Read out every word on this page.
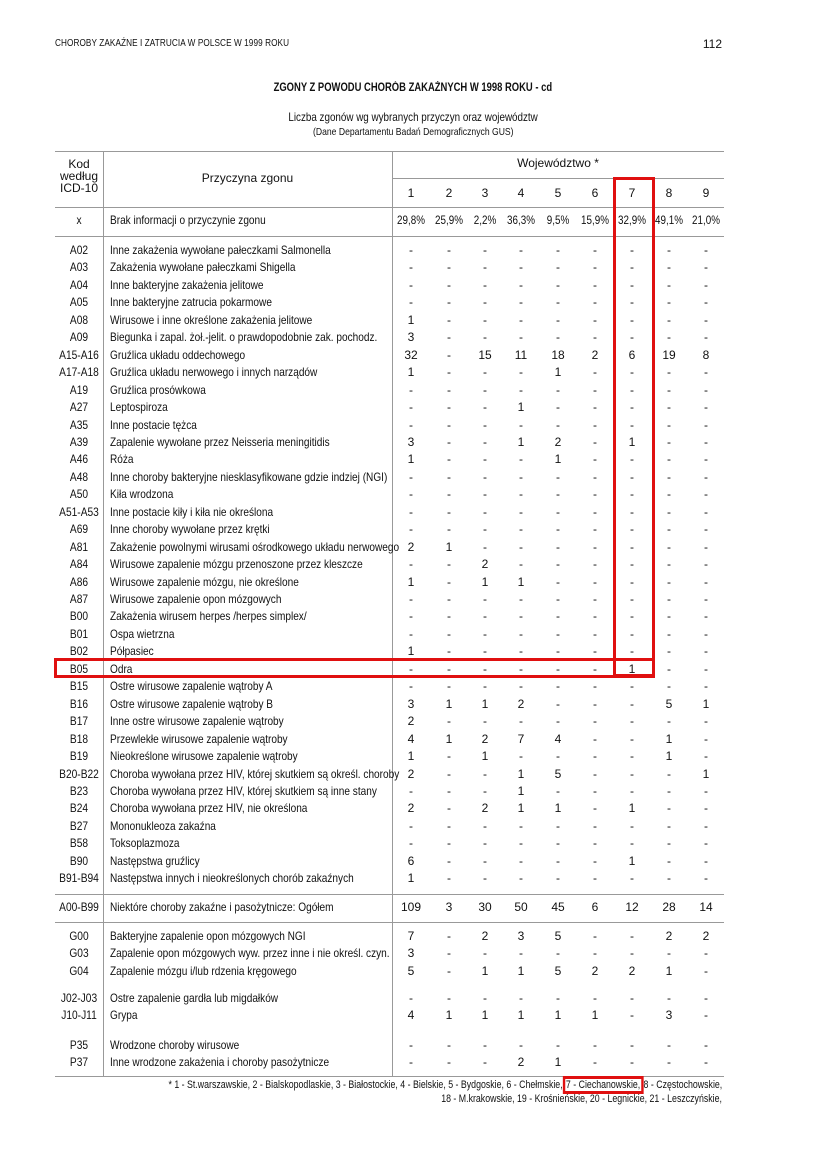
CHOROBY ZAKAŹNE I ZATRUCIA W POLSCE W 1999 ROKU	112
ZGONY Z POWODU CHORÓB ZAKAŹNYCH W 1998 ROKU - cd
Liczba zgonów wg wybranych przyczyn oraz województw
(Dane Departamentu Badań Demograficznych GUS)
Kod
według
ICD-10
Przyczyna zgonu
Województwo *
1	2	3	4	5	6	7	8	9
x	Brak informacji o przyczynie zgonu	29,8% 25,9% 2,2% 36,3% 9,5% 15,9% 32,9% 49,1% 21,0%
A02	Inne zakażenia wywołane pałeczkami Salmonella	-	-	-	-	-	-	-	-	-
A03	Zakażenia wywołane pałeczkami Shigella	-	-	-	-	-	-	-	-	-
A04	Inne bakteryjne zakażenia jelitowe	-	-	-	-	-	-	-	-	-
A05	Inne bakteryjne zatrucia pokarmowe	-	-	-	-	-	-	-	-	-
A08	Wirusowe i inne określone zakażenia jelitowe	1	-	-	-	-	-	-	-	-
A09	Biegunka i zapal. żoł.-jelit. o prawdopodobnie zak. pochodz.	3	-	-	-	-	-	-	-	-
A15-A16 Gruźlica układu oddechowego	32	-	15	11	18	2	6	19	8
A17-A18 Gruźlica układu nerwowego i innych narządów	1	-	-	-	1	-	-	-	-
A19	Gruźlica prosówkowa	-	-	-	-	-	-	-	-	-
A27	Leptospiroza	-	-	-	1	-	-	-	-	-
A35	Inne postacie tężca	-	-	-	-	-	-	-	-	-
A39	Zapalenie wywołane przez Neisseria meningitidis	3	-	-	1	2	-	1	-	-
A46	Róża	1	-	-	-	1	-	-	-	-
A48	Inne choroby bakteryjne niesklasyfikowane gdzie indziej (NGI)	-	-	-	-	-	-	-	-	-
A50	Kiła wrodzona	-	-	-	-	-	-	-	-	-
A51-A53 Inne postacie kiły i kiła nie określona	-	-	-	-	-	-	-	-	-
A69	Inne choroby wywołane przez krętki	-	-	-	-	-	-	-	-	-
A81	Zakażenie powolnymi wirusami ośrodkowego układu nerwowego 2	1	-	-	-	-	-	-	-
A84	Wirusowe zapalenie mózgu przenoszone przez kleszcze	-	-	2	-	-	-	-	-	-
A86	Wirusowe zapalenie mózgu, nie określone	1	-	1	1	-	-	-	-	-
A87	Wirusowe zapalenie opon mózgowych	-	-	-	-	-	-	-	-	-
B00	Zakażenia wirusem herpes /herpes simplex/	-	-	-	-	-	-	-	-	-
B01	Ospa wietrzna	-	-	-	-	-	-	-	-	-
B02	Półpasiec	1	-	-	-	-	-	-	-	-
B05	Odra	-	-	-	-	-	-	1	-	-
B15	Ostre wirusowe zapalenie wątroby A	-	-	-	-	-	-	-	-	-
B16	Ostre wirusowe zapalenie wątroby B	3	1	1	2	-	-	-	5	1
B17	Inne ostre wirusowe zapalenie wątroby	2	-	-	-	-	-	-	-	-
B18	Przewlekłe wirusowe zapalenie wątroby	4	1	2	7	4	-	-	1	-
B19	Nieokreślone wirusowe zapalenie wątroby	1	-	1	-	-	-	-	1	-
B20-B22 Choroba wywołana przez HIV, której skutkiem są określ. choroby 2	-	-	1	5	-	-	-	1
B23	Choroba wywołana przez HIV, której skutkiem są inne stany	-	-	-	1	-	-	-	-	-
B24	Choroba wywołana przez HIV, nie określona	2	-	2	1	1	-	1	-	-
B27	Mononukleoza zakaźna	-	-	-	-	-	-	-	-	-
B58	Toksoplazmoza	-	-	-	-	-	-	-	-	-
B90	Następstwa gruźlicy	6	-	-	-	-	-	1	-	-
B91-B94 Następstwa innych i nieokreślonych chorób zakaźnych	1	-	-	-	-	-	-	-	-
A00-B99 Niektóre choroby zakaźne i pasożytnicze: Ogółem	109	3	30	50	45	6	12	28	14
G00	Bakteryjne zapalenie opon mózgowych NGI	7	-	2	3	5	-	-	2	2
G03	Zapalenie opon mózgowych wyw. przez inne i nie określ. czyn.	3	-	-	-	-	-	-	-	-
G04	Zapalenie mózgu i/lub rdzenia kręgowego	5	-	1	1	5	2	2	1	-
J02-J03 Ostre zapalenie gardła lub migdałków	-	-	-	-	-	-	-	-	-
J10-J11 Grypa	4	1	1	1	1	1	-	3	-
P35	Wrodzone choroby wirusowe	-	-	-	-	-	-	-	-	-
P37	Inne wrodzone zakażenia i choroby pasożytnicze	-	-	-	2	1	-	-	-	-
* 1 - St.warszawskie, 2 - Bialskopodlaskie, 3 - Białostockie, 4 - Bielskie, 5 - Bydgoskie, 6 - Chełmskie, 7 - Ciechanowskie, 8 - Częstochowskie,
18 - M.krakowskie, 19 - Krośnieńskie, 20 - Legnickie, 21 - Leszczyńskie,
